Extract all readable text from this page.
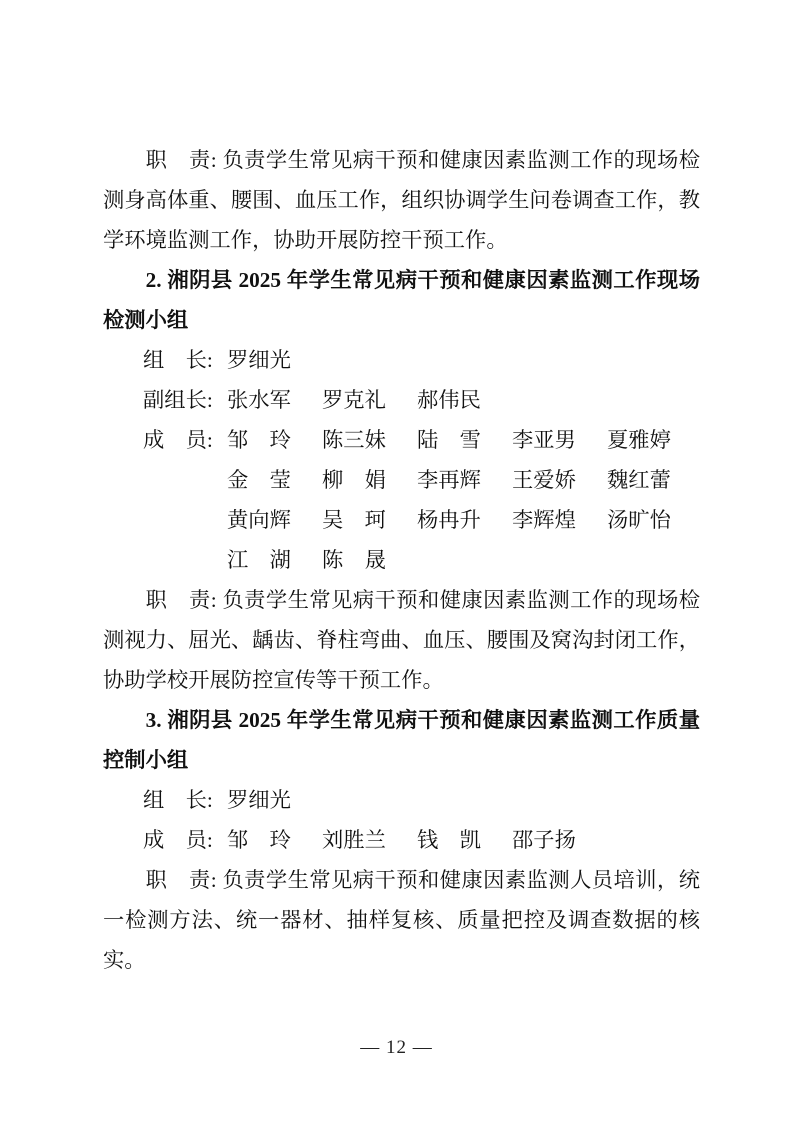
职　责: 负责学生常见病干预和健康因素监测工作的现场检
测身高体重、腰围、血压工作，组织协调学生问卷调查工作，教
学环境监测工作，协助开展防控干预工作。
2. 湘阴县 2025 年学生常见病干预和健康因素监测工作现场
检测小组
组　长: 罗细光
副组长: 张水军 罗克礼 郝伟民
成　员: 邹　玲 陈三妹 陆　雪 李亚男 夏雅婷
金　莹 柳　娟 李再辉 王爱娇 魏红蕾
黄向辉 吴　珂 杨冉升 李辉煌 汤旷怡
江　湖 陈　晟
职　责: 负责学生常见病干预和健康因素监测工作的现场检
测视力、屈光、龋齿、脊柱弯曲、血压、腰围及窝沟封闭工作，
协助学校开展防控宣传等干预工作。
3. 湘阴县 2025 年学生常见病干预和健康因素监测工作质量
控制小组
组　长: 罗细光
成　员: 邹　玲 刘胜兰 钱　凯 邵子扬
职　责: 负责学生常见病干预和健康因素监测人员培训，统
一检测方法、统一器材、抽样复核、质量把控及调查数据的核实。
— 12 —
